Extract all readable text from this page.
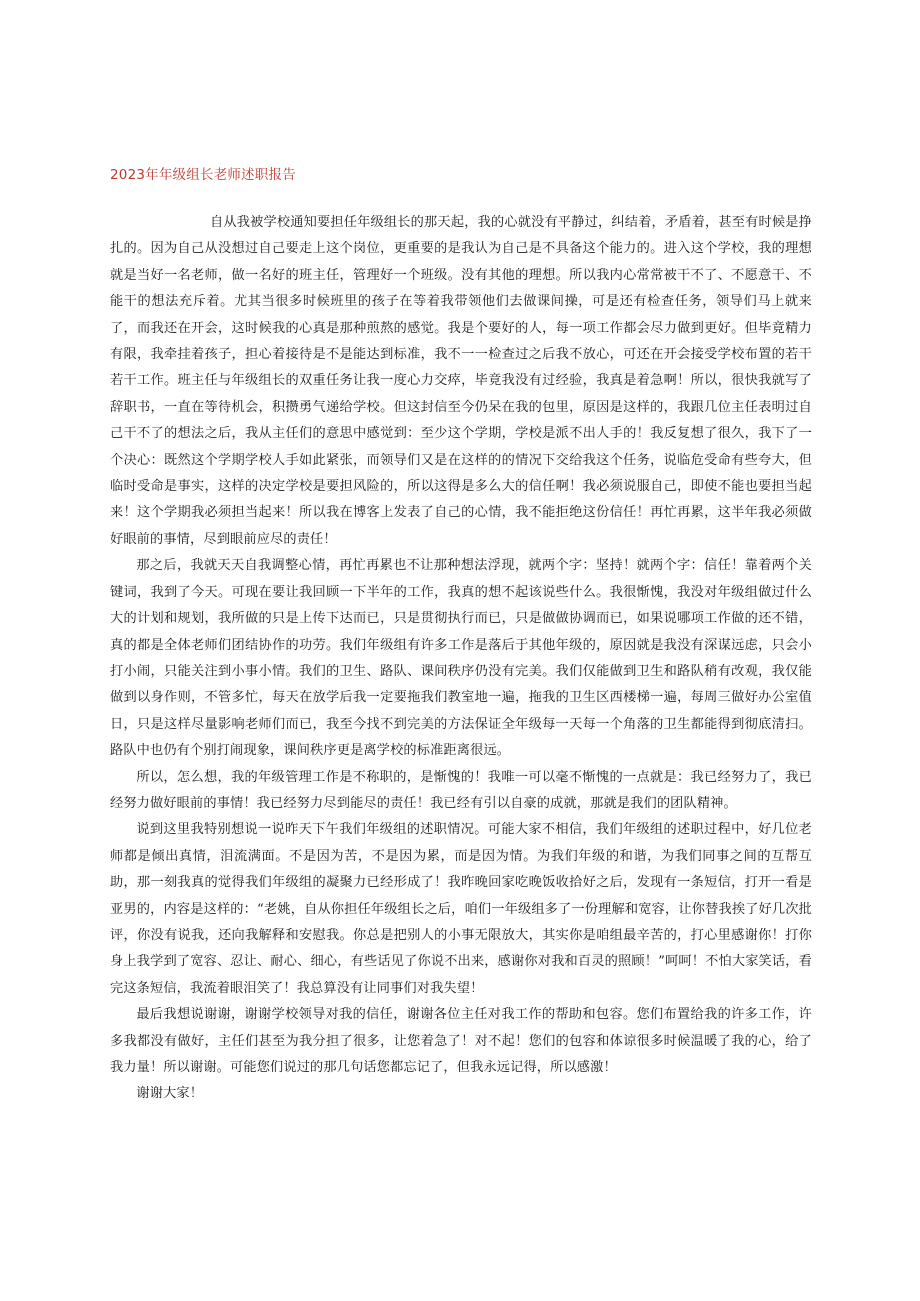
2023年年级组长老师述职报告

自从我被学校通知要担任年级组长的那天起，我的心就没有平静过，纠结着，矛盾着，甚至有时候是挣扎的。因为自己从没想过自己要走上这个岗位，更重要的是我认为自己是不具备这个能力的。进入这个学校，我的理想就是当好一名老师，做一名好的班主任，管理好一个班级。没有其他的理想。所以我内心常常被干不了、不愿意干、不能干的想法充斥着。尤其当很多时候班里的孩子在等着我带领他们去做课间操，可是还有检查任务，领导们马上就来了，而我还在开会，这时候我的心真是那种煎熬的感觉。我是个要好的人，每一项工作都会尽力做到更好。但毕竟精力有限，我牵挂着孩子，担心着接待是不是能达到标准，我不一一检查过之后我不放心，可还在开会接受学校布置的若干若干工作。班主任与年级组长的双重任务让我一度心力交瘁，毕竟我没有过经验，我真是着急啊！所以，很快我就写了辞职书，一直在等待机会，积攒勇气递给学校。但这封信至今仍呆在我的包里，原因是这样的，我跟几位主任表明过自己干不了的想法之后，我从主任们的意思中感觉到：至少这个学期，学校是派不出人手的！我反复想了很久，我下了一个决心：既然这个学期学校人手如此紧张，而领导们又是在这样的的情况下交给我这个任务，说临危受命有些夸大，但临时受命是事实，这样的决定学校是要担风险的，所以这得是多么大的信任啊！我必须说服自己，即使不能也要担当起来！这个学期我必须担当起来！所以我在博客上发表了自己的心情，我不能拒绝这份信任！再忙再累，这半年我必须做好眼前的事情，尽到眼前应尽的责任！

那之后，我就天天自我调整心情，再忙再累也不让那种想法浮现，就两个字：坚持！就两个字：信任！靠着两个关键词，我到了今天。可现在要让我回顾一下半年的工作，我真的想不起该说些什么。我很惭愧，我没对年级组做过什么大的计划和规划，我所做的只是上传下达而已，只是贯彻执行而已，只是做做协调而已，如果说哪项工作做的还不错，真的都是全体老师们团结协作的功劳。我们年级组有许多工作是落后于其他年级的，原因就是我没有深谋远虑，只会小打小闹，只能关注到小事小情。我们的卫生、路队、课间秩序仍没有完美。我们仅能做到卫生和路队稍有改观，我仅能做到以身作则，不管多忙，每天在放学后我一定要拖我们教室地一遍，拖我的卫生区西楼梯一遍，每周三做好办公室值日，只是这样尽量影响老师们而已，我至今找不到完美的方法保证全年级每一天每一个角落的卫生都能得到彻底清扫。路队中也仍有个别打闹现象，课间秩序更是离学校的标准距离很远。

所以，怎么想，我的年级管理工作是不称职的，是惭愧的！我唯一可以毫不惭愧的一点就是：我已经努力了，我已经努力做好眼前的事情！我已经努力尽到能尽的责任！我已经有引以自豪的成就，那就是我们的团队精神。

说到这里我特别想说一说昨天下午我们年级组的述职情况。可能大家不相信，我们年级组的述职过程中，好几位老师都是倾出真情，泪流满面。不是因为苦，不是因为累，而是因为情。为我们年级的和谐，为我们同事之间的互帮互助，那一刻我真的觉得我们年级组的凝聚力已经形成了！我昨晚回家吃晚饭收拾好之后，发现有一条短信，打开一看是亚男的，内容是这样的：“老姚，自从你担任年级组长之后，咱们一年级组多了一份理解和宽容，让你替我挨了好几次批评，你没有说我，还向我解释和安慰我。你总是把别人的小事无限放大，其实你是咱组最辛苦的，打心里感谢你！打你身上我学到了宽容、忍让、耐心、细心，有些话见了你说不出来，感谢你对我和百灵的照顾！”呵呵！不怕大家笑话，看完这条短信，我流着眼泪笑了！我总算没有让同事们对我失望！

最后我想说谢谢，谢谢学校领导对我的信任，谢谢各位主任对我工作的帮助和包容。您们布置给我的许多工作，许多我都没有做好，主任们甚至为我分担了很多，让您着急了！对不起！您们的包容和体谅很多时候温暖了我的心，给了我力量！所以谢谢。可能您们说过的那几句话您都忘记了，但我永远记得，所以感激！

谢谢大家！
